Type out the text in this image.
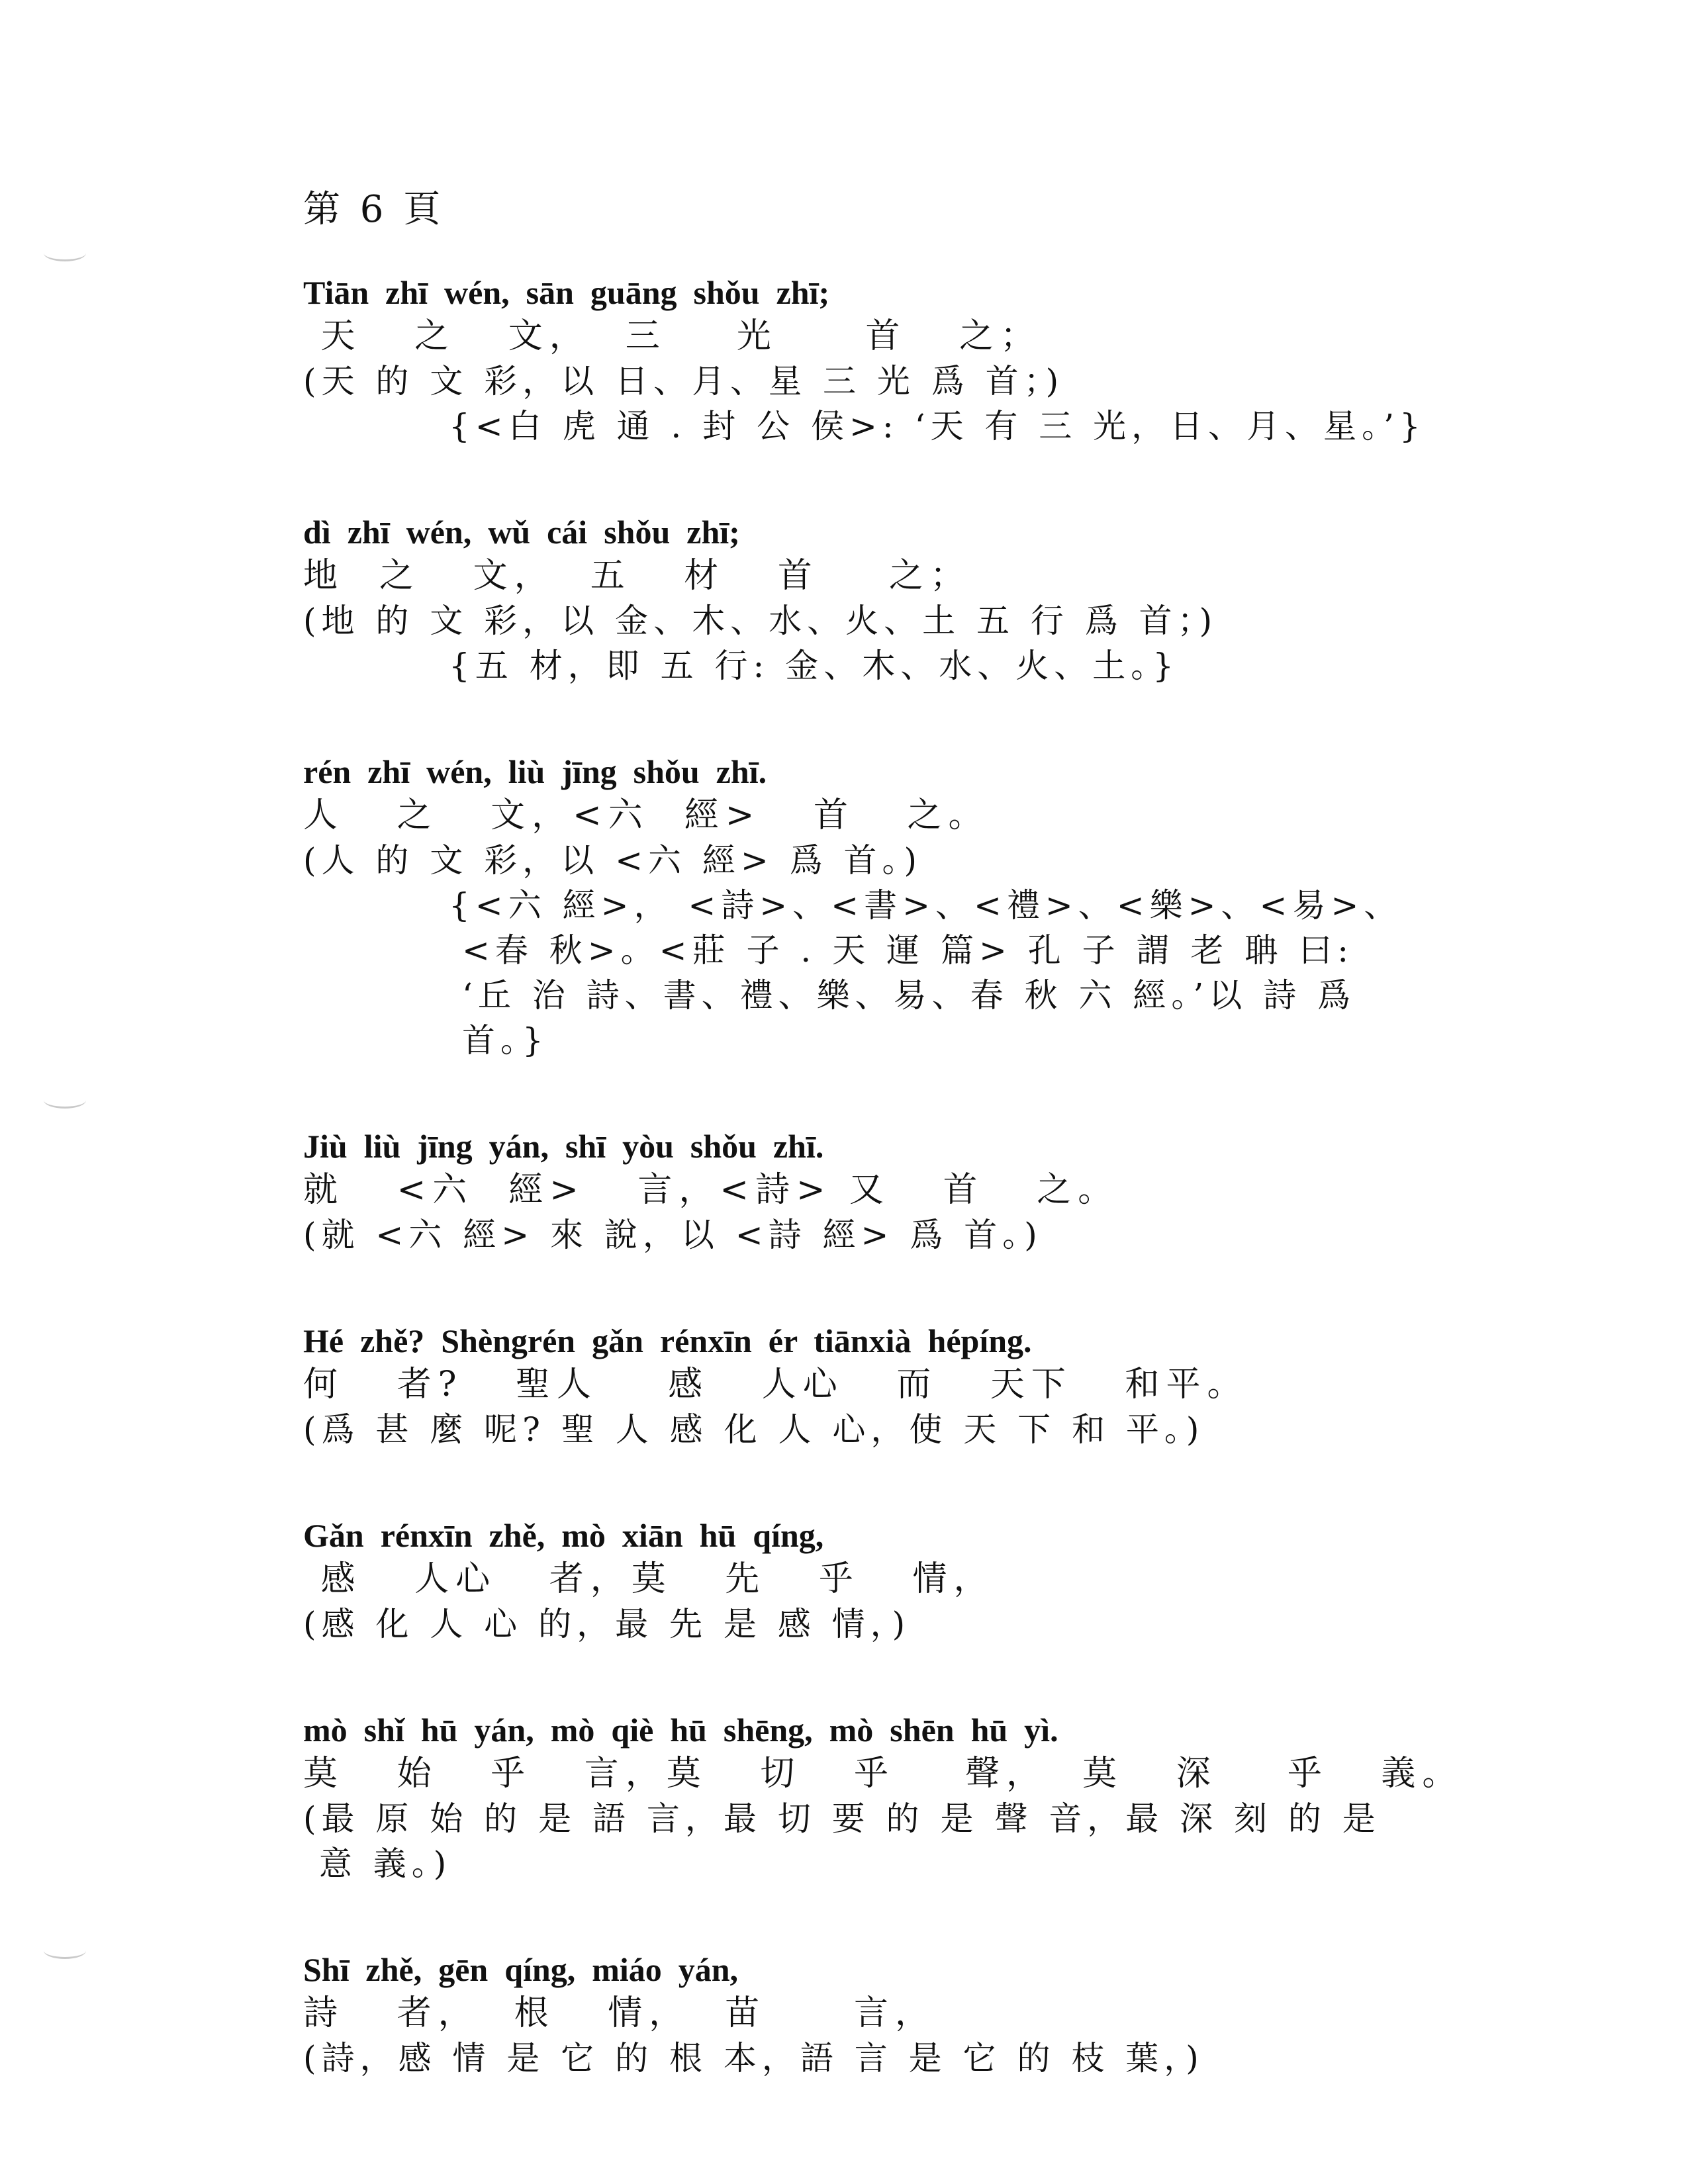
第 6 頁
Tiān  zhī  wén,  sān  guāng  shǒu  zhī;
天   之   文，  三    光     首   之；
(天 的 文 彩，以 日、月、星 三 光 爲 首；)
{<白 虎 通 . 封 公 侯>: ‘天 有 三 光，日、月、星。’}
dì  zhī  wén,  wǔ  cái  shǒu  zhī;
地  之   文，  五   材   首    之；
(地 的 文 彩，以 金、木、水、火、土 五 行 爲 首；)
{五 材，即 五 行: 金、木、水、火、土。}
rén  zhī  wén,  liù  jīng  shǒu  zhī.
人   之   文，<六  經>   首   之。
(人 的 文 彩，以 <六 經> 爲 首。)
{<六 經>， <詩>、<書>、<禮>、<樂>、<易>、
<春 秋>。<莊 子 . 天 運 篇> 孔 子 謂 老 聃 曰:
‘丘 治 詩、書、禮、樂、易、春 秋 六 經。’以 詩 爲
首。}
Jiù  liù  jīng  yán,  shī  yòu  shǒu  zhī.
就   <六  經>   言，<詩> 又   首   之。
(就 <六 經> 來 說，以 <詩 經> 爲 首。)
Hé  zhě?  Shèngrén  gǎn  rénxīn  ér  tiānxià  hépíng.
何   者?   聖人    感   人心   而   天下   和平。
(爲 甚 麼 呢? 聖 人 感 化 人 心，使 天 下 和 平。)
Gǎn  rénxīn  zhě,  mò  xiān  hū  qíng,
感   人心   者，莫   先   乎   情，
(感 化 人 心 的，最 先 是 感 情，)
mò  shǐ  hū  yán,  mò  qiè  hū  shēng,  mò  shēn  hū  yì.
莫   始   乎   言，莫   切   乎    聲，  莫   深    乎   義。
(最 原 始 的 是 語 言，最 切 要 的 是 聲 音，最 深 刻 的 是
意 義。)
Shī  zhě,  gēn  qíng,  miáo  yán,
詩   者，  根   情，  苗     言，
(詩，感 情 是 它 的 根 本，語 言 是 它 的 枝 葉，)
